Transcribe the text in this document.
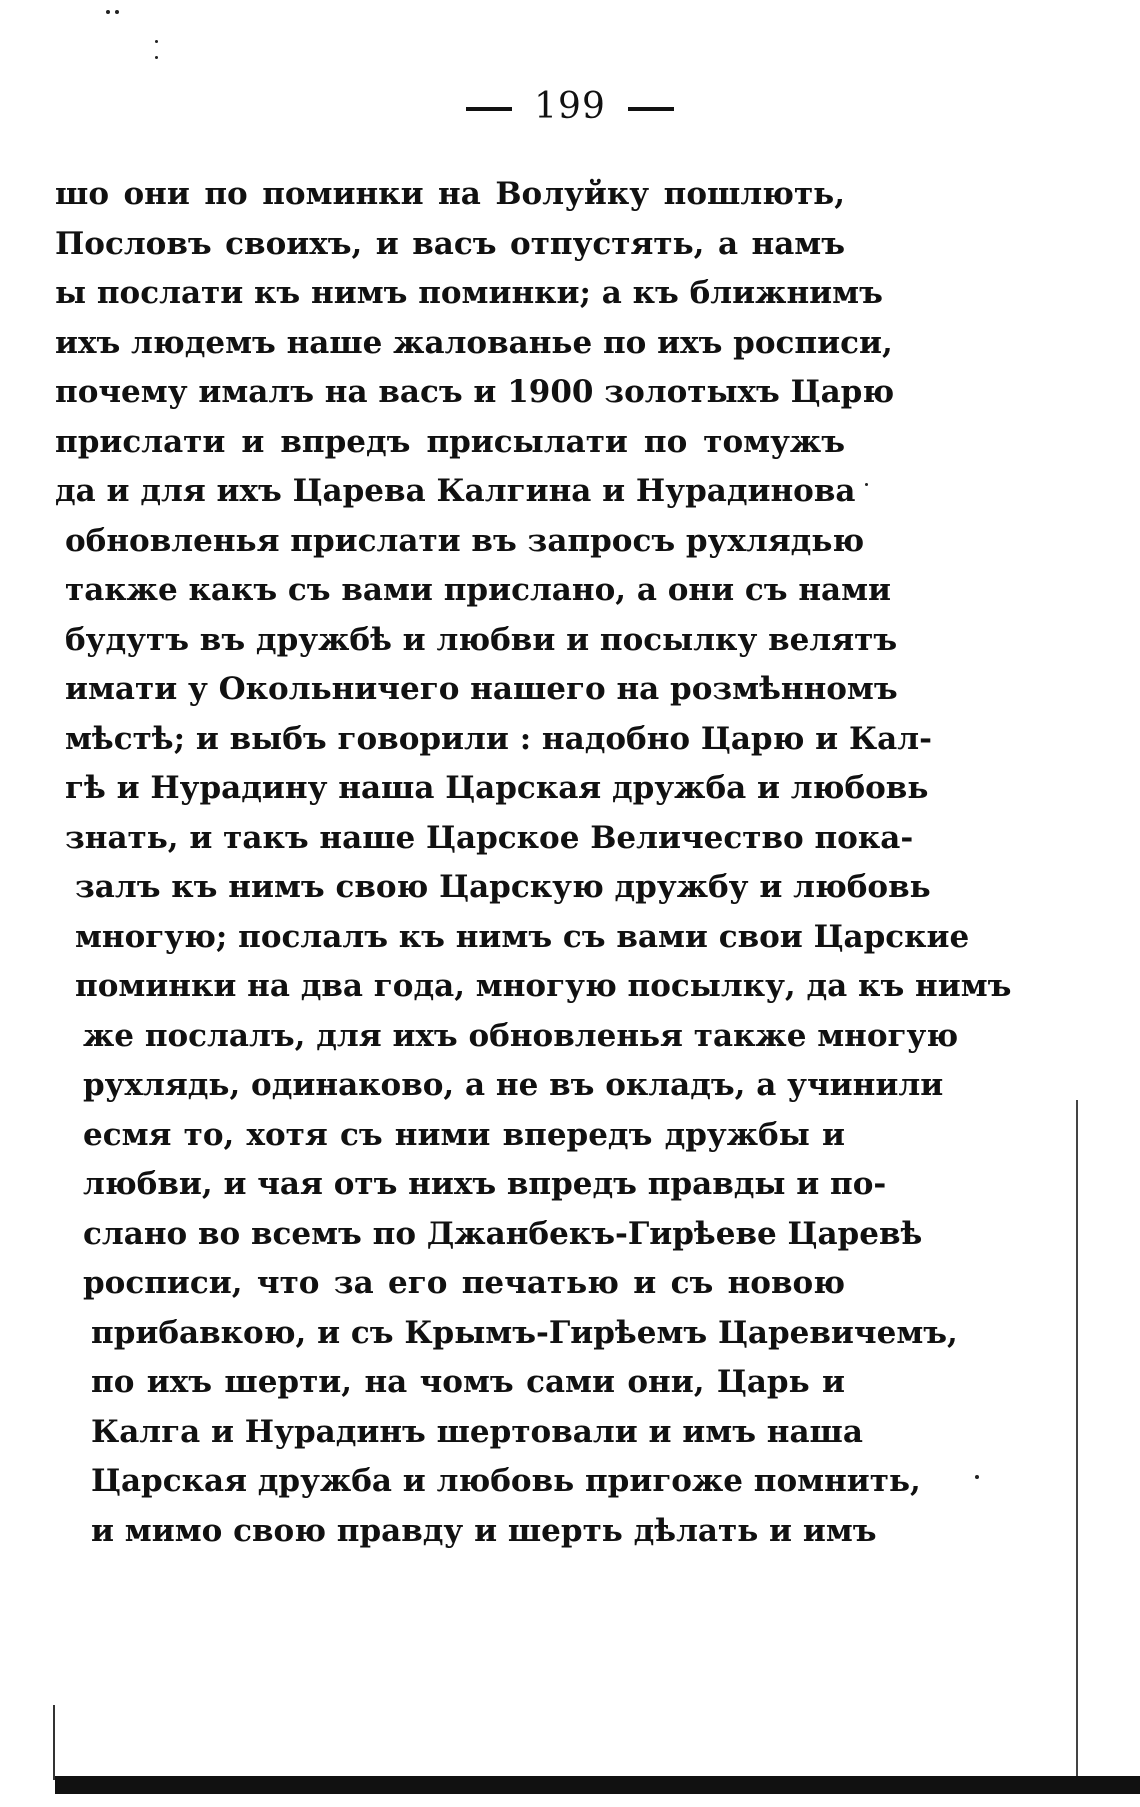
199
шо они по поминки на Волуйку пошлють,
Пословъ своихъ, и васъ отпустять, а намъ
ы послати къ нимъ поминки; а къ ближнимъ
ихъ людемъ наше жалованье по ихъ росписи,
почему ималъ на васъ и 1900 золотыхъ Царю
прислати и впредъ присылати по томужъ
да и для ихъ Царева Калгина и Нурадинова
обновленья прислати въ запросъ рухлядью
также какъ съ вами прислано, а они съ нами
будутъ въ дружбѣ и любви и посылку велятъ
имати у Окольничего нашего на розмѣнномъ
мѣстѣ; и выбъ говорили : надобно Царю и Кал-
гѣ и Нурадину наша Царская дружба и любовь
знать, и такъ наше Царское Величество пока-
залъ къ нимъ свою Царскую дружбу и любовь
многую; послалъ къ нимъ съ вами свои Царские
поминки на два года, многую посылку, да къ нимъ
же послалъ, для ихъ обновленья также многую
рухлядь, одинаково, а не въ окладъ, а учинили
есмя то, хотя съ ними впередъ дружбы и
любви, и чая отъ нихъ впредъ правды и по-
слано во всемъ по Джанбекъ-Гирѣеве Царевѣ
росписи, что за его печатью и съ новою
прибавкою, и съ Крымъ-Гирѣемъ Царевичемъ,
по ихъ шерти, на чомъ сами они, Царь и
Калга и Нурадинъ шертовали и имъ наша
Царская дружба и любовь пригоже помнить,
и мимо свою правду и шерть дѣлать и имъ
